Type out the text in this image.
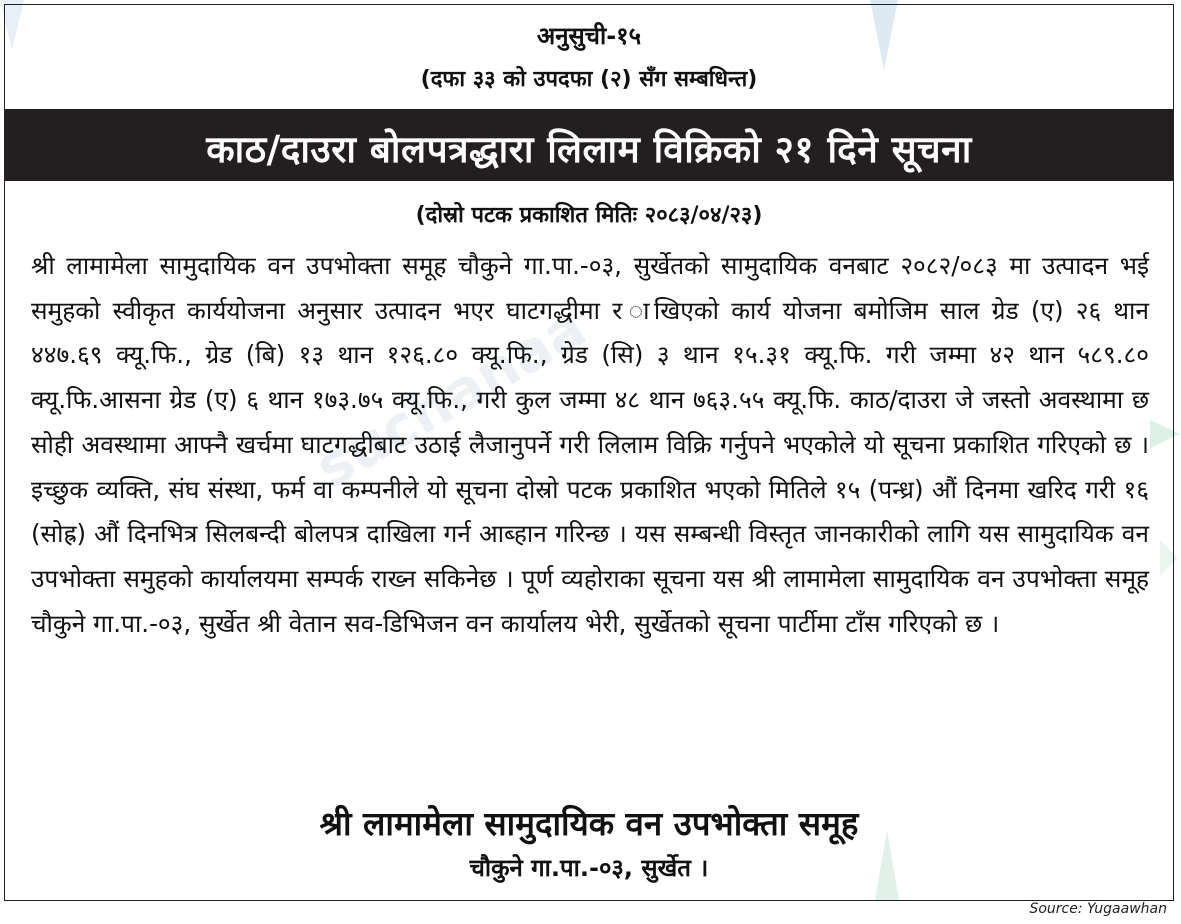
अनुसुची-१५
(दफा ३३ को उपदफा (२) सँग सम्बधिन्त)
काठ/दाउरा बोलपत्रद्धारा लिलाम विक्रिको २१ दिने सूचना
(दोस्रो पटक प्रकाशित मितिः २०८३/०४/२३)
suchanaa
श्री लामामेला सामुदायिक वन उपभोक्ता समूह चौकुने गा.पा.-०३, सुर्खेतको सामुदायिक वनबाट २०८२/०८३ मा उत्पादन भई समुहको स्वीकृत कार्ययोजना अनुसार उत्पादन भएर घाटगद्धीमा र ाखिएको कार्य योजना बमोजिम साल ग्रेड (ए) २६ थान ४४७.६९ क्यू.फि., ग्रेड (बि) १३ थान १२६.८० क्यू.फि., ग्रेड (सि) ३ थान १५.३१ क्यू.फि. गरी जम्मा ४२ थान ५८९.८० क्यू.फि.आसना ग्रेड (ए) ६ थान १७३.७५ क्यू.फि., गरी कुल जम्मा ४८ थान ७६३.५५ क्यू.फि. काठ/दाउरा जे जस्तो अवस्थामा छ सोही अवस्थामा आफ्नै खर्चमा घाटगद्धीबाट उठाई लैजानुपर्ने गरी लिलाम विक्रि गर्नुपने भएकोले यो सूचना प्रकाशित गरिएको छ । इच्छुक व्यक्ति, संघ संस्था, फर्म वा कम्पनीले यो सूचना दोस्रो पटक प्रकाशित भएको मितिले १५ (पन्ध्र) औं दिनमा खरिद गरी १६ (सोह्र) औं दिनभित्र सिलबन्दी बोलपत्र दाखिला गर्न आब्हान गरिन्छ । यस सम्बन्धी विस्तृत जानकारीको लागि यस सामुदायिक वन उपभोक्ता समुहको कार्यालयमा सम्पर्क राख्न सकिनेछ । पूर्ण व्यहोराका सूचना यस श्री लामामेला सामुदायिक वन उपभोक्ता समूह चौकुने गा.पा.-०३, सुर्खेत श्री वेतान सव-डिभिजन वन कार्यालय भेरी, सुर्खेतको सूचना पार्टीमा टाँस गरिएको छ ।
श्री लामामेला सामुदायिक वन उपभोक्ता समूह
चौकुने गा.पा.-०३, सुर्खेत ।
Source: Yugaawhan
